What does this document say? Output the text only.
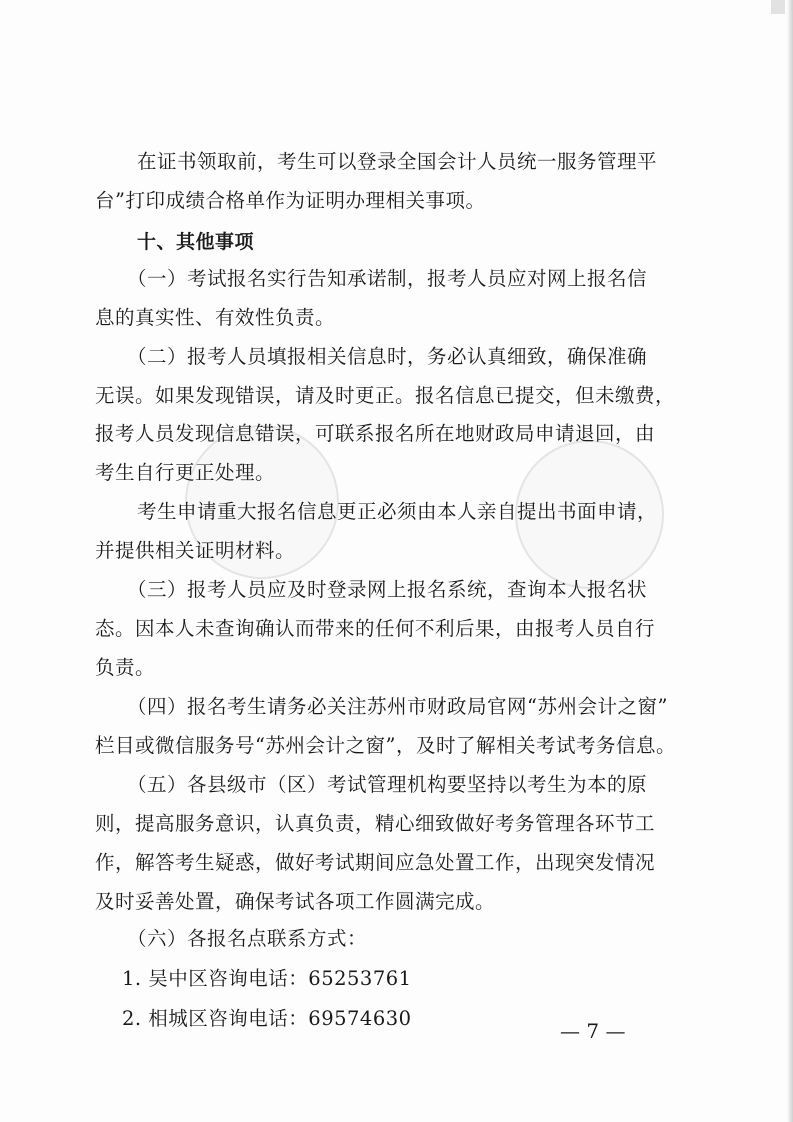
在证书领取前，考生可以登录全国会计人员统一服务管理平
台”打印成绩合格单作为证明办理相关事项。
十、其他事项
（一）考试报名实行告知承诺制，报考人员应对网上报名信
息的真实性、有效性负责。
（二）报考人员填报相关信息时，务必认真细致，确保准确
无误。如果发现错误，请及时更正。报名信息已提交，但未缴费，
报考人员发现信息错误，可联系报名所在地财政局申请退回，由
考生自行更正处理。
考生申请重大报名信息更正必须由本人亲自提出书面申请，
并提供相关证明材料。
（三）报考人员应及时登录网上报名系统，查询本人报名状
态。因本人未查询确认而带来的任何不利后果，由报考人员自行
负责。
（四）报名考生请务必关注苏州市财政局官网“苏州会计之窗”
栏目或微信服务号“苏州会计之窗”，及时了解相关考试考务信息。
（五）各县级市（区）考试管理机构要坚持以考生为本的原
则，提高服务意识，认真负责，精心细致做好考务管理各环节工
作，解答考生疑惑，做好考试期间应急处置工作，出现突发情况
及时妥善处置，确保考试各项工作圆满完成。
（六）各报名点联系方式：
1. 吴中区咨询电话：65253761
2. 相城区咨询电话：69574630
— 7 —
